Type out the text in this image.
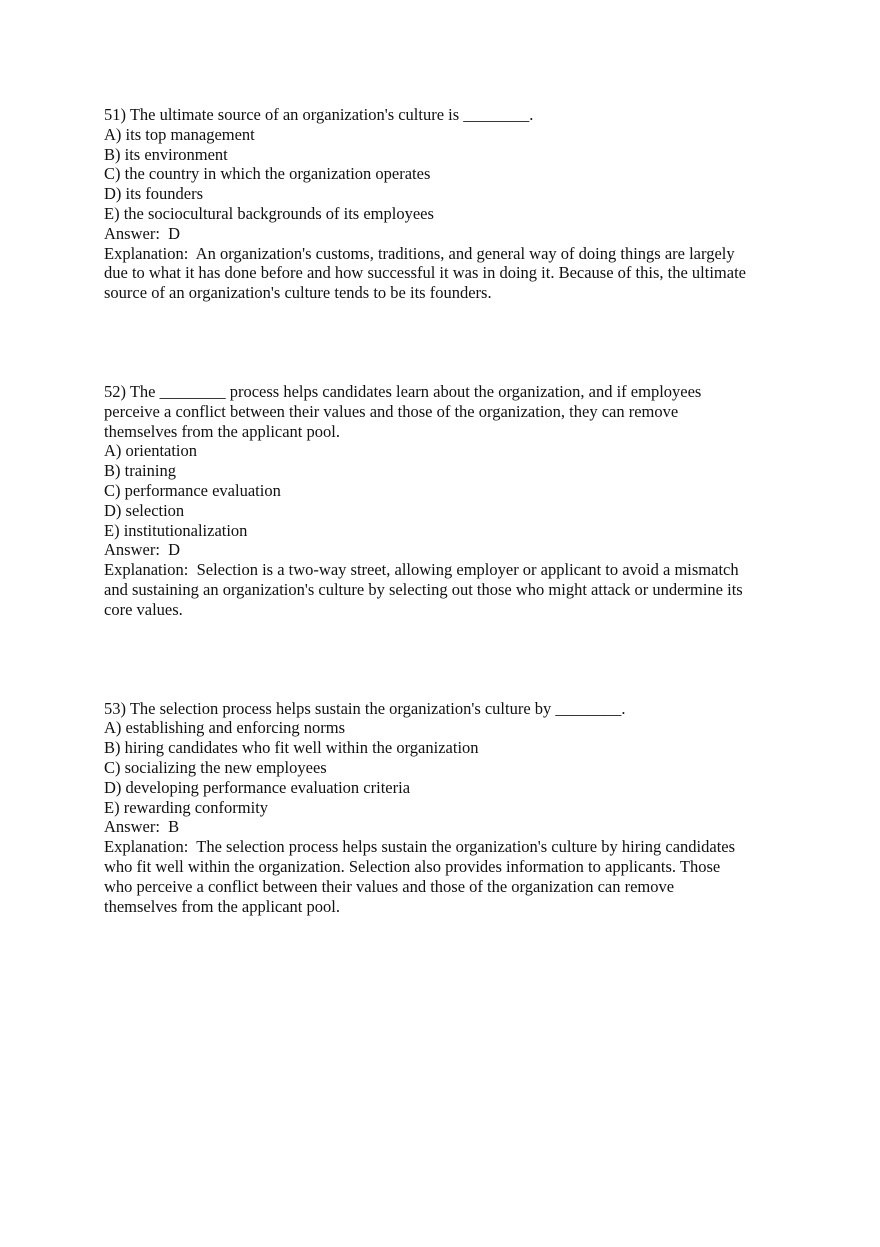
51) The ultimate source of an organization's culture is ________.
A) its top management
B) its environment
C) the country in which the organization operates
D) its founders
E) the sociocultural backgrounds of its employees
Answer:  D
Explanation:  An organization's customs, traditions, and general way of doing things are largely
due to what it has done before and how successful it was in doing it. Because of this, the ultimate
source of an organization's culture tends to be its founders.
52) The ________ process helps candidates learn about the organization, and if employees
perceive a conflict between their values and those of the organization, they can remove
themselves from the applicant pool.
A) orientation
B) training
C) performance evaluation
D) selection
E) institutionalization
Answer:  D
Explanation:  Selection is a two-way street, allowing employer or applicant to avoid a mismatch
and sustaining an organization's culture by selecting out those who might attack or undermine its
core values.
53) The selection process helps sustain the organization's culture by ________.
A) establishing and enforcing norms
B) hiring candidates who fit well within the organization
C) socializing the new employees
D) developing performance evaluation criteria
E) rewarding conformity
Answer:  B
Explanation:  The selection process helps sustain the organization's culture by hiring candidates
who fit well within the organization. Selection also provides information to applicants. Those
who perceive a conflict between their values and those of the organization can remove
themselves from the applicant pool.
